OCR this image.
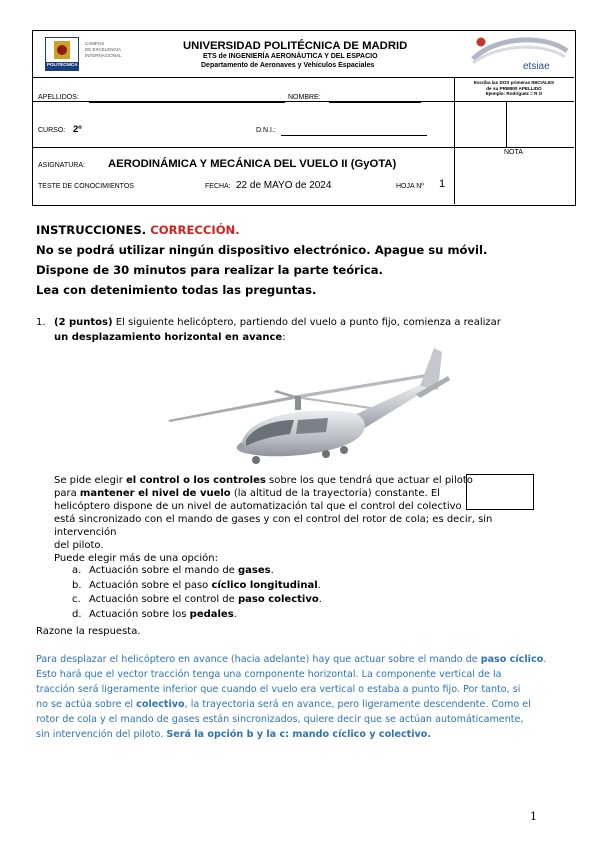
POLITÉCNICA
CAMPUS
DE EXCELENCIA
INTERNACIONAL
UNIVERSIDAD POLITÉCNICA DE MADRID
ETS de INGENIERÍA AERONÁUTICA Y DEL ESPACIO
Departamento de Aeronaves y Vehículos Espaciales	etsiae
APELLIDOS:	NOMBRE:
Escriba las DOS primeras INICIALES
de su PRIMER APELLIDO
Ejemplo: Rodríguez = R O
CURSO: 2º	D.N.I.:
ASIGNATURA: AERODINÁMICA Y MECÁNICA DEL VUELO II (GyOTA)
NOTA
TESTE DE CONOCIMIENTOS	FECHA: 22 de MAYO de 2024	HOJA Nº 1
INSTRUCCIONES. CORRECCIÓN.
No se podrá utilizar ningún dispositivo electrónico. Apague su móvil.
Dispone de 30 minutos para realizar la parte teórica.
Lea con detenimiento todas las preguntas.
1. (2 puntos) El siguiente helicóptero, partiendo del vuelo a punto fijo, comienza a realizar
un desplazamiento horizontal en avance:
Se pide elegir el control o los controles sobre los que tendrá que actuar el piloto
para mantener el nivel de vuelo (la altitud de la trayectoria) constante. El
helicóptero dispone de un nivel de automatización tal que el control del colectivo
está sincronizado con el mando de gases y con el control del rotor de cola; es decir, sin intervención
del piloto.
Puede elegir más de una opción:
a. Actuación sobre el mando de gases.
b. Actuación sobre el paso cíclico longitudinal.
c. Actuación sobre el control de paso colectivo.
d. Actuación sobre los pedales.
Razone la respuesta.
Para desplazar el helicóptero en avance (hacia adelante) hay que actuar sobre el mando de paso cíclico.
Esto hará que el vector tracción tenga una componente horizontal. La componente vertical de la
tracción será ligeramente inferior que cuando el vuelo era vertical o estaba a punto fijo. Por tanto, si
no se actúa sobre el colectivo, la trayectoria será en avance, pero ligeramente descendente. Como el
rotor de cola y el mando de gases están sincronizados, quiere decir que se actúan automáticamente,
sin intervención del piloto. Será la opción b y la c: mando cíclico y colectivo.
1
